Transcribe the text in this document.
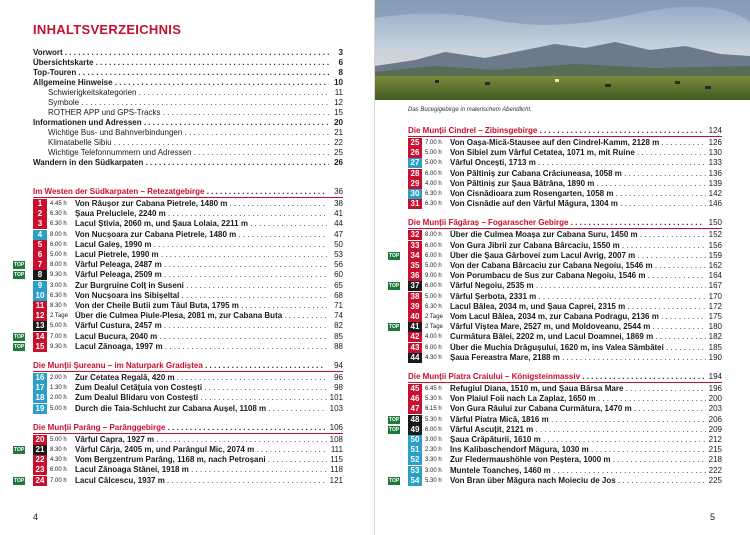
INHALTSVERZEICHNIS
Vorwort . . .	3
Übersichtskarte . . .	6
Top-Touren . . .	8
Allgemeine Hinweise . . .	10
Schwierigkeitskategorien . . .	11
Symbole . . .	12
ROTHER APP und GPS-Tracks . . .	15
Informationen und Adressen . . .	20
Wichtige Bus- und Bahnverbindungen . . .	21
Klimatabelle Sibiu . . .	22
Wichtige Telefonnummern und Adressen . . .	25
Wandern in den Südkarpaten . . .	26
Im Westen der Südkarpaten – Retezatgebirge . . .	36
1	4.45 h	Von Râușor zur Cabana Pietrele, 1480 m . . .	38
2	6.30 h	Șaua Preluclele, 2240 m . . .	41
3	6.30 h	Lacul Știvia, 2060 m, und Șaua Lolaia, 2211 m . . .	44
4	8.00 h	Von Nucșoara zur Cabana Pietrele, 1480 m . . .	47
5	6.00 h	Lacul Galeș, 1990 m . . .	50
6	5.00 h	Lacul Pietrele, 1990 m . . .	53
TOP	7	8.00 h	Vârful Peleaga, 2487 m . . .	56
TOP	8	9.30 h	Vârful Peleaga, 2509 m . . .	60
9	3.00 h	Zur Burgruine Colț in Suseni . . .	65
10 6.30 h	Von Nucșoara ins Sibișeltal . . .	68
11 8.30 h	Von der Cheile Butii zum Tăul Buta, 1795 m . . .	71
12 2 Tage Über die Culmea Piule-Plesa, 2081 m, zur Cabana Buta . . .	74
13 5.00 h	Vârful Custura, 2457 m . . .	82
TOP	14 7.00 h	Lacul Bucura, 2040 m . . .	85
TOP	15 9.30 h	Lacul Zănoaga, 1997 m . . .	88
Die Munții Șureanu – im Naturpark Gradiștea . . .	94
16 2.00 h	Zur Cetatea Regală, 420 m . . .	96
17 1.30 h	Zum Dealul Cetățuia von Costești . . .	98
18 2.00 h	Zum Dealul Blidaru von Costești . . .	101
19 5.00 h	Durch die Taia-Schlucht zur Cabana Aușel, 1108 m . . .	103
Die Munții Parâng – Parânggebirge . . .	106
20 5.00 h	Vârful Capra, 1927 m . . .	108
TOP	21 8.30 h	Vârful Cârja, 2405 m, und Parângul Mic, 2074 m . . .	111
22 4.30 h	Vom Bergzentrum Parâng, 1168 m, nach Petroșani . . .	115
23 6.00 h	Lacul Zănoaga Stânei, 1918 m . . .	118
TOP	24 7.00 h	Lacul Câlcescu, 1937 m . . .	121
4
Das Bucegigebirge in malerischem Abendlicht.
Die Munții Cindrel – Zibinsgebirge . . .	124
25 7.00 h	Von Oașa-Mică-Stausee auf den Cindrel-Kamm, 2128 m . . .	126
26 5.00 h	Von Sibiel zum Vârful Cetatea, 1071 m, mit Ruine . . .	130
27 5.00 h	Vârful Oncești, 1713 m . . .	133
28 6.00 h	Von Păltiniș zur Cabana Crăciuneasa, 1058 m . . .	136
29 4.00 h	Von Păltiniș zur Șaua Bătrâna, 1890 m . . .	139
30 6.30 h	Von Cisnădioara zum Rosengarten, 1058 m . . .	142
31 6.30 h	Von Cisnădie auf den Vârful Măgura, 1304 m . . .	146
Die Munții Făgăraș – Fogarascher Gebirge . . .	150
32 8.00 h	Über die Culmea Moașa zur Cabana Suru, 1450 m . . .	152
33 6.00 h	Von Gura Jibrii zur Cabana Bârcaciu, 1550 m . . .	156
TOP	34 6.00 h	Über die Șaua Gârbovei zum Lacul Avrig, 2007 m . . .	159
35 5.00 h	Von der Cabana Bârcaciu zur Cabana Negoiu, 1546 m . . .	162
36 9.00 h	Von Porumbacu de Sus zur Cabana Negoiu, 1546 m . . .	164
TOP	37 6.00 h	Vârful Negoiu, 2535 m . . .	167
38 5.00 h	Vârful Șerbota, 2331 m . . .	170
39 6.30 h	Lacul Bâlea, 2034 m, und Șaua Caprei, 2315 m . . .	172
40 2 Tage Vom Lacul Bâlea, 2034 m, zur Cabana Podragu, 2136 m . . .	175
TOP	41 2 Tage Vârful Viștea Mare, 2527 m, und Moldoveanu, 2544 m . . .	180
42 4.00 h	Curmătura Bâlei, 2202 m, und Lacul Doamnei, 1869 m . . .	182
43 6.00 h	Über die Muchia Drăgușului, 1620 m, ins Valea Sâmbătei . . .	185
44 4.30 h	Șaua Fereastra Mare, 2188 m . . .	190
Die Munții Piatra Craiului – Königsteinmassiv . . .	194
45 6.45 h	Refugiul Diana, 1510 m, und Șaua Bârsa Mare . . .	196
46 5.30 h	Von Plaiul Foii nach La Zaplaz, 1650 m . . .	200
47 6.15 h	Von Gura Râului zur Cabana Curmătura, 1470 m . . .	203
TOP	48 5.30 h	Vârful Piatra Mică, 1816 m . . .	206
TOP	49 6.00 h	Vârful Ascuțit, 2121 m . . .	209
50 3.00 h	Șaua Crăpăturii, 1610 m . . .	212
51 2.30 h	Ins Kalibaschendorf Măgura, 1030 m . . .	215
52 3.30 h	Zur Fledermaushöhle von Peștera, 1000 m . . .	218
53 3.00 h	Muntele Toanchеș, 1460 m . . .	222
TOP	54 5.30 h	Von Bran über Măgura nach Moieciu de Jos . . .	225
5
